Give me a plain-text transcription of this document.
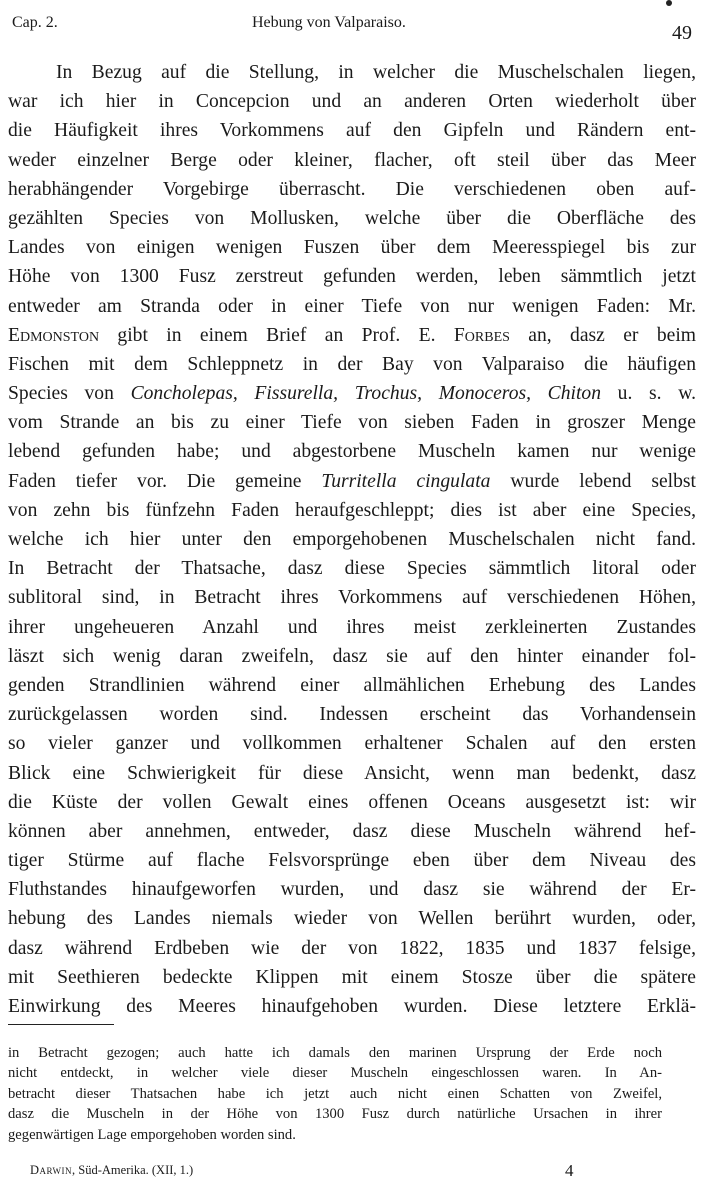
Cap. 2.	Hebung von Valparaiso.	49
In Bezug auf die Stellung, in welcher die Muschelschalen liegen,
war ich hier in Concepcion und an anderen Orten wiederholt über
die Häufigkeit ihres Vorkommens auf den Gipfeln und Rändern ent-
weder einzelner Berge oder kleiner, flacher, oft steil über das Meer
herabhängender Vorgebirge überrascht. Die verschiedenen oben auf-
gezählten Species von Mollusken, welche über die Oberfläche des
Landes von einigen wenigen Fuszen über dem Meeresspiegel bis zur
Höhe von 1300 Fusz zerstreut gefunden werden, leben sämmtlich jetzt
entweder am Stranda oder in einer Tiefe von nur wenigen Faden: Mr.
Edmonston gibt in einem Brief an Prof. E. Forbes an, dasz er beim
Fischen mit dem Schleppnetz in der Bay von Valparaiso die häufigen
Species von Concholepas, Fissurella, Trochus, Monoceros, Chiton u. s. w.
vom Strande an bis zu einer Tiefe von sieben Faden in groszer Menge
lebend gefunden habe; und abgestorbene Muscheln kamen nur wenige
Faden tiefer vor. Die gemeine Turritella cingulata wurde lebend selbst
von zehn bis fünfzehn Faden heraufgeschleppt; dies ist aber eine Species,
welche ich hier unter den emporgehobenen Muschelschalen nicht fand.
In Betracht der Thatsache, dasz diese Species sämmtlich litoral oder
sublitoral sind, in Betracht ihres Vorkommens auf verschiedenen Höhen,
ihrer ungeheueren Anzahl und ihres meist zerkleinerten Zustandes
läszt sich wenig daran zweifeln, dasz sie auf den hinter einander fol-
genden Strandlinien während einer allmählichen Erhebung des Landes
zurückgelassen worden sind. Indessen erscheint das Vorhandensein
so vieler ganzer und vollkommen erhaltener Schalen auf den ersten
Blick eine Schwierigkeit für diese Ansicht, wenn man bedenkt, dasz
die Küste der vollen Gewalt eines offenen Oceans ausgesetzt ist: wir
können aber annehmen, entweder, dasz diese Muscheln während hef-
tiger Stürme auf flache Felsvorsprünge eben über dem Niveau des
Fluthstandes hinaufgeworfen wurden, und dasz sie während der Er-
hebung des Landes niemals wieder von Wellen berührt wurden, oder,
dasz während Erdbeben wie der von 1822, 1835 und 1837 felsige,
mit Seethieren bedeckte Klippen mit einem Stosze über die spätere
Einwirkung des Meeres hinaufgehoben wurden. Diese letztere Erklä-
in Betracht gezogen; auch hatte ich damals den marinen Ursprung der Erde noch
nicht entdeckt, in welcher viele dieser Muscheln eingeschlossen waren. In An-
betracht dieser Thatsachen habe ich jetzt auch nicht einen Schatten von Zweifel,
dasz die Muscheln in der Höhe von 1300 Fusz durch natürliche Ursachen in ihrer
gegenwärtigen Lage emporgehoben worden sind.
Darwin, Süd-Amerika. (XII, 1.)	4
